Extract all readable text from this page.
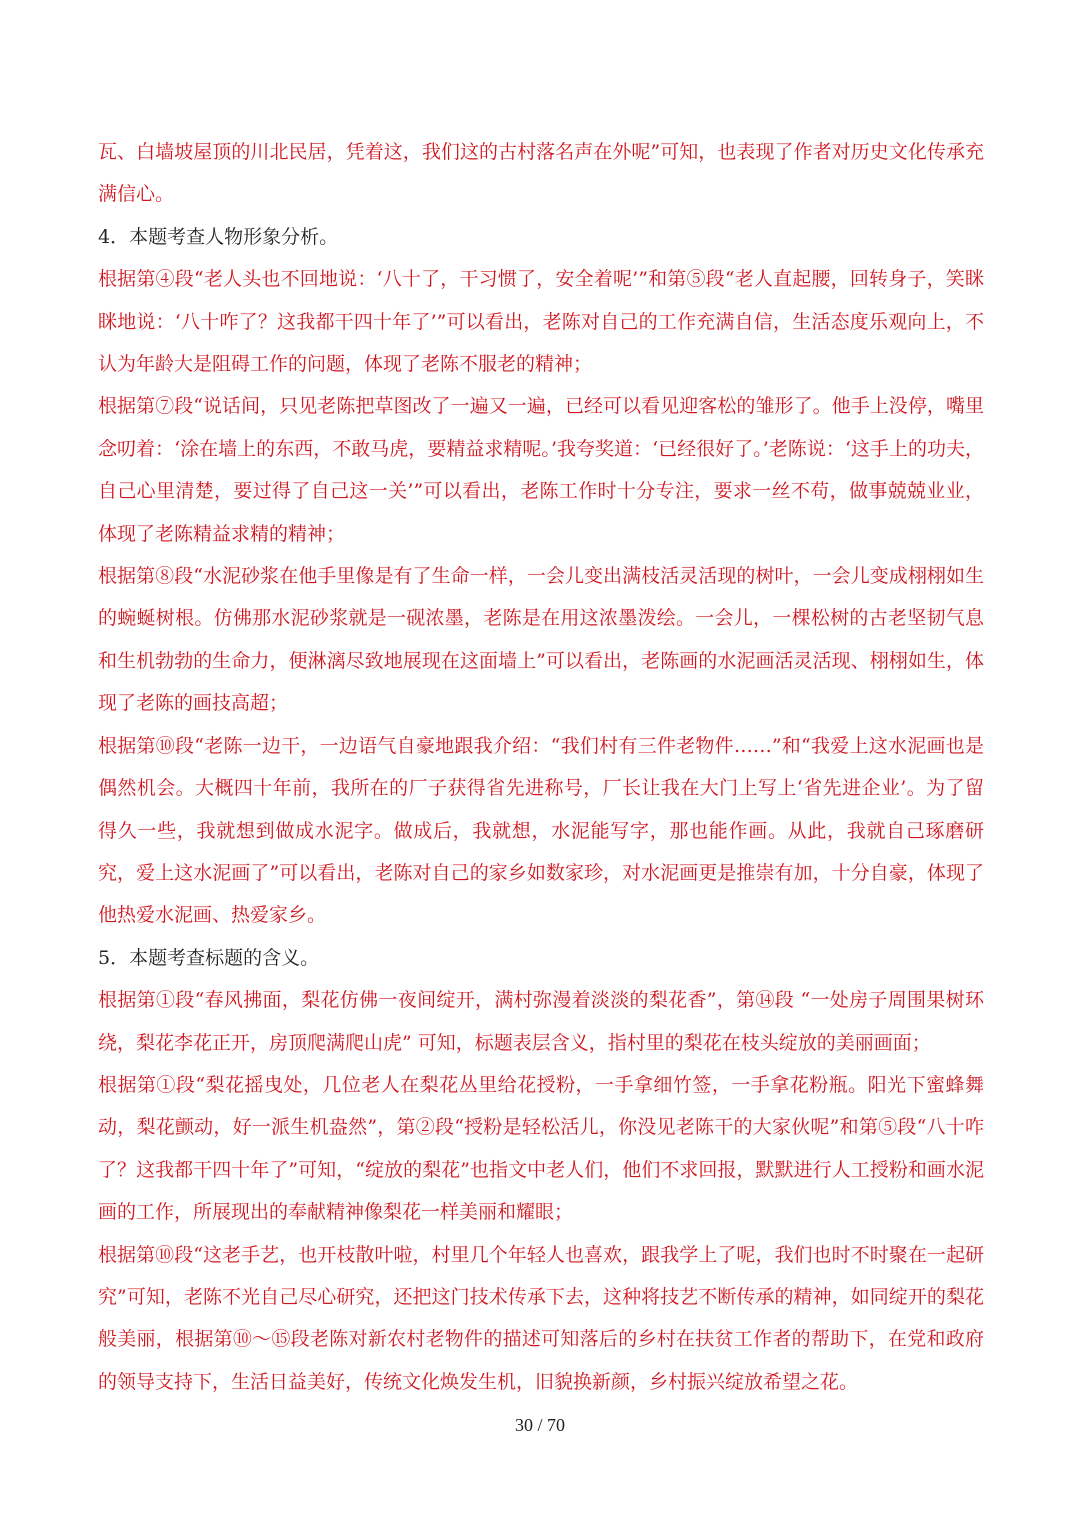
瓦、白墙坡屋顶的川北民居，凭着这，我们这的古村落名声在外呢”可知，也表现了作者对历史文化传承充满信心。

4．本题考查人物形象分析。

根据第④段“老人头也不回地说：‘八十了，干习惯了，安全着呢’”和第⑤段“老人直起腰，回转身子，笑眯眯地说：‘八十咋了？这我都干四十年了’”可以看出，老陈对自己的工作充满自信，生活态度乐观向上，不认为年龄大是阻碍工作的问题，体现了老陈不服老的精神；

根据第⑦段“说话间，只见老陈把草图改了一遍又一遍，已经可以看见迎客松的雏形了。他手上没停，嘴里念叨着：‘涂在墙上的东西，不敢马虎，要精益求精呢。’我夸奖道：‘已经很好了。’老陈说：‘这手上的功夫，自己心里清楚，要过得了自己这一关’”可以看出，老陈工作时十分专注，要求一丝不苟，做事兢兢业业，体现了老陈精益求精的精神；

根据第⑧段“水泥砂浆在他手里像是有了生命一样，一会儿变出满枝活灵活现的树叶，一会儿变成栩栩如生的蜿蜒树根。仿佛那水泥砂浆就是一砚浓墨，老陈是在用这浓墨泼绘。一会儿，一棵松树的古老坚韧气息和生机勃勃的生命力，便淋漓尽致地展现在这面墙上”可以看出，老陈画的水泥画活灵活现、栩栩如生，体现了老陈的画技高超；

根据第⑩段“老陈一边干，一边语气自豪地跟我介绍：“我们村有三件老物件……”和“我爱上这水泥画也是偶然机会。大概四十年前，我所在的厂子获得省先进称号，厂长让我在大门上写上‘省先进企业’。为了留得久一些，我就想到做成水泥字。做成后，我就想，水泥能写字，那也能作画。从此，我就自己琢磨研究，爱上这水泥画了”可以看出，老陈对自己的家乡如数家珍，对水泥画更是推崇有加，十分自豪，体现了他热爱水泥画、热爱家乡。

5．本题考查标题的含义。

根据第①段“春风拂面，梨花仿佛一夜间绽开，满村弥漫着淡淡的梨花香”，第⑭段 “一处房子周围果树环绕，梨花李花正开，房顶爬满爬山虎” 可知，标题表层含义，指村里的梨花在枝头绽放的美丽画面；

根据第①段“梨花摇曳处，几位老人在梨花丛里给花授粉，一手拿细竹签，一手拿花粉瓶。阳光下蜜蜂舞动，梨花颤动，好一派生机盎然”，第②段“授粉是轻松活儿，你没见老陈干的大家伙呢”和第⑤段“八十咋了？这我都干四十年了”可知，“绽放的梨花”也指文中老人们，他们不求回报，默默进行人工授粉和画水泥画的工作，所展现出的奉献精神像梨花一样美丽和耀眼；

根据第⑩段“这老手艺，也开枝散叶啦，村里几个年轻人也喜欢，跟我学上了呢，我们也时不时聚在一起研究”可知，老陈不光自己尽心研究，还把这门技术传承下去，这种将技艺不断传承的精神，如同绽开的梨花般美丽，根据第⑩～⑮段老陈对新农村老物件的描述可知落后的乡村在扶贫工作者的帮助下，在党和政府的领导支持下，生活日益美好，传统文化焕发生机，旧貌换新颜，乡村振兴绽放希望之花。

30 / 70
